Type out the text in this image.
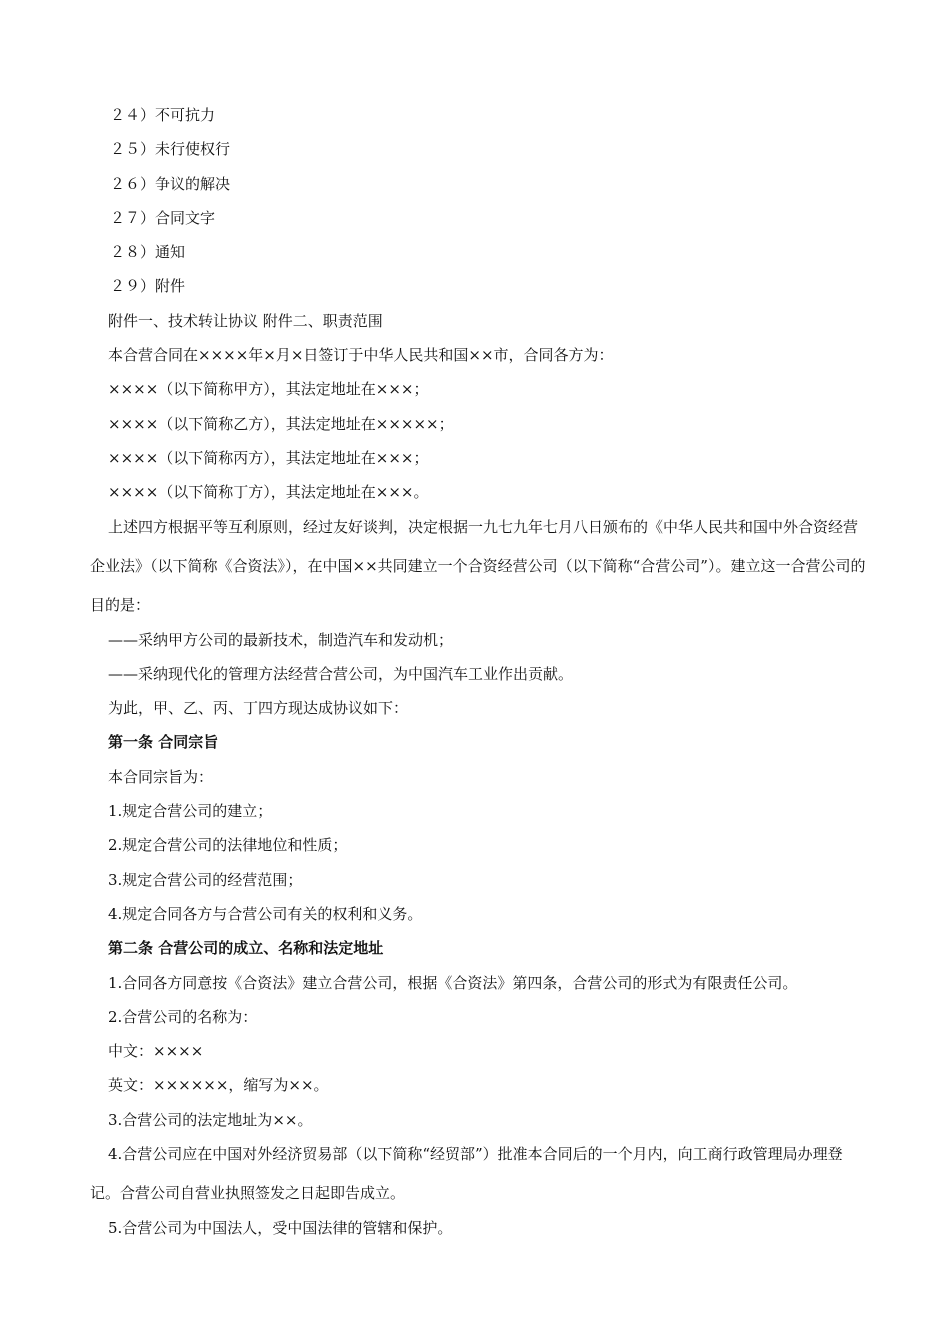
２４）不可抗力

２５）未行使权行

２６）争议的解决

２７）合同文字

２８）通知

２９）附件

附件一、技术转让协议 附件二、职责范围

本合营合同在××××年×月×日签订于中华人民共和国××市，合同各方为：

××××（以下简称甲方），其法定地址在×××；

××××（以下简称乙方），其法定地址在×××××；

××××（以下简称丙方），其法定地址在×××；

××××（以下简称丁方），其法定地址在×××。

上述四方根据平等互利原则，经过友好谈判，决定根据一九七九年七月八日颁布的《中华人民共和国中外合资经营企业法》（以下简称《合资法》），在中国××共同建立一个合资经营公司（以下简称“合营公司”）。建立这一合营公司的目的是：

——采纳甲方公司的最新技术，制造汽车和发动机；

——采纳现代化的管理方法经营合营公司，为中国汽车工业作出贡献。

为此，甲、乙、丙、丁四方现达成协议如下：

第一条 合同宗旨

本合同宗旨为：

1.规定合营公司的建立；

2.规定合营公司的法律地位和性质；

3.规定合营公司的经营范围；

4.规定合同各方与合营公司有关的权利和义务。

第二条 合营公司的成立、名称和法定地址

1.合同各方同意按《合资法》建立合营公司，根据《合资法》第四条，合营公司的形式为有限责任公司。

2.合营公司的名称为：

中文：××××

英文：××××××，缩写为××。

3.合营公司的法定地址为××。

4.合营公司应在中国对外经济贸易部（以下简称“经贸部”）批准本合同后的一个月内，向工商行政管理局办理登记。合营公司自营业执照签发之日起即告成立。

5.合营公司为中国法人，受中国法律的管辖和保护。
